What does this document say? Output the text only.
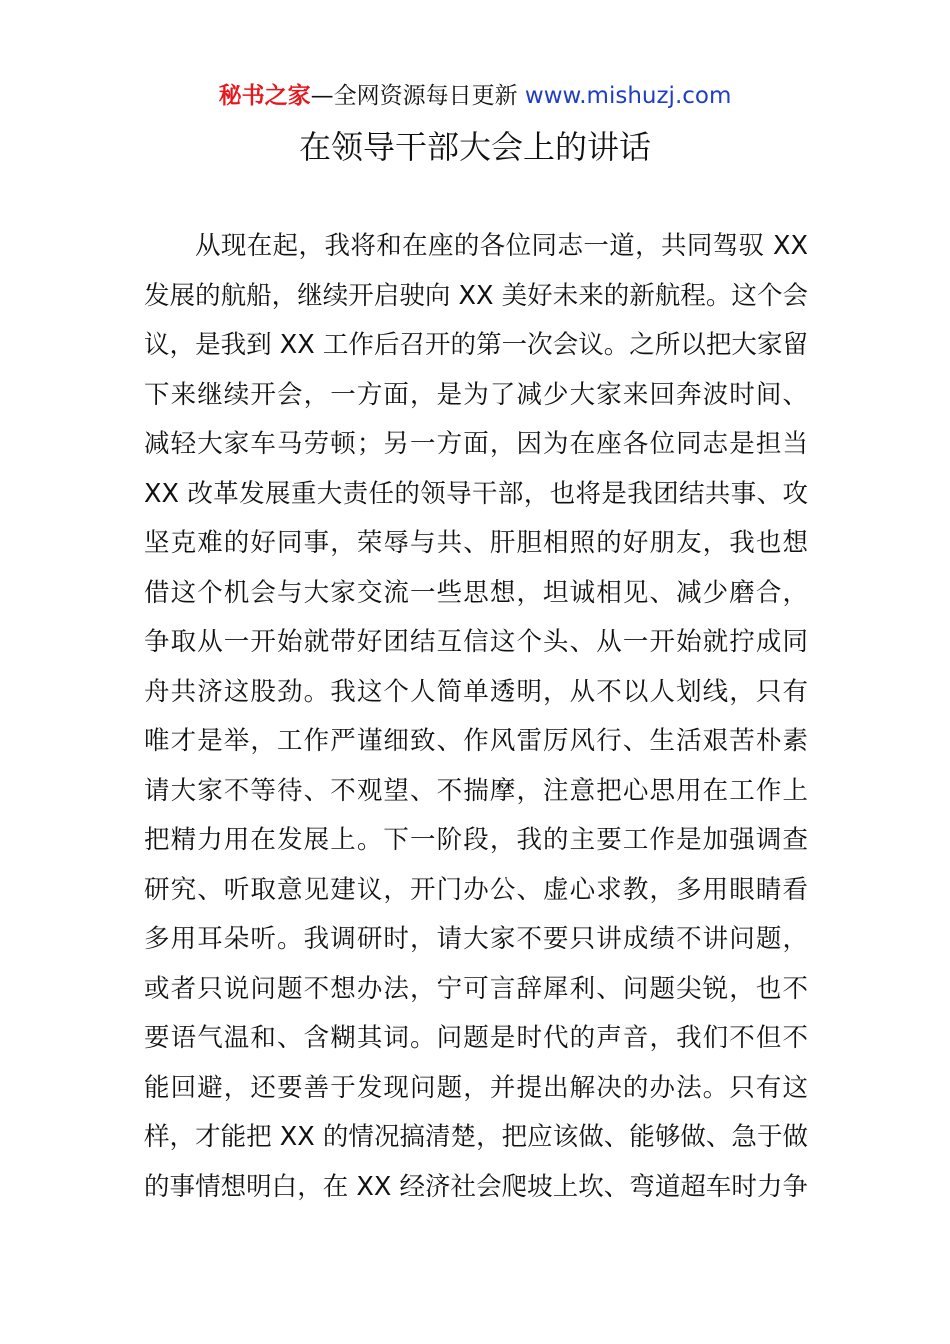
秘书之家—全网资源每日更新 www.mishuzj.com
在领导干部大会上的讲话
从现在起，我将和在座的各位同志一道，共同驾驭 XX
发展的航船，继续开启驶向 XX 美好未来的新航程。这个会
议，是我到 XX 工作后召开的第一次会议。之所以把大家留
下来继续开会，一方面，是为了减少大家来回奔波时间、
减轻大家车马劳顿；另一方面，因为在座各位同志是担当
XX 改革发展重大责任的领导干部，也将是我团结共事、攻
坚克难的好同事，荣辱与共、肝胆相照的好朋友，我也想
借这个机会与大家交流一些思想，坦诚相见、减少磨合，
争取从一开始就带好团结互信这个头、从一开始就拧成同
舟共济这股劲。我这个人简单透明，从不以人划线，只有
唯才是举，工作严谨细致、作风雷厉风行、生活艰苦朴素
请大家不等待、不观望、不揣摩，注意把心思用在工作上
把精力用在发展上。下一阶段，我的主要工作是加强调查
研究、听取意见建议，开门办公、虚心求教，多用眼睛看
多用耳朵听。我调研时，请大家不要只讲成绩不讲问题，
或者只说问题不想办法，宁可言辞犀利、问题尖锐，也不
要语气温和、含糊其词。问题是时代的声音，我们不但不
能回避，还要善于发现问题，并提出解决的办法。只有这
样，才能把 XX 的情况搞清楚，把应该做、能够做、急于做
的事情想明白，在 XX 经济社会爬坡上坎、弯道超车时力争
